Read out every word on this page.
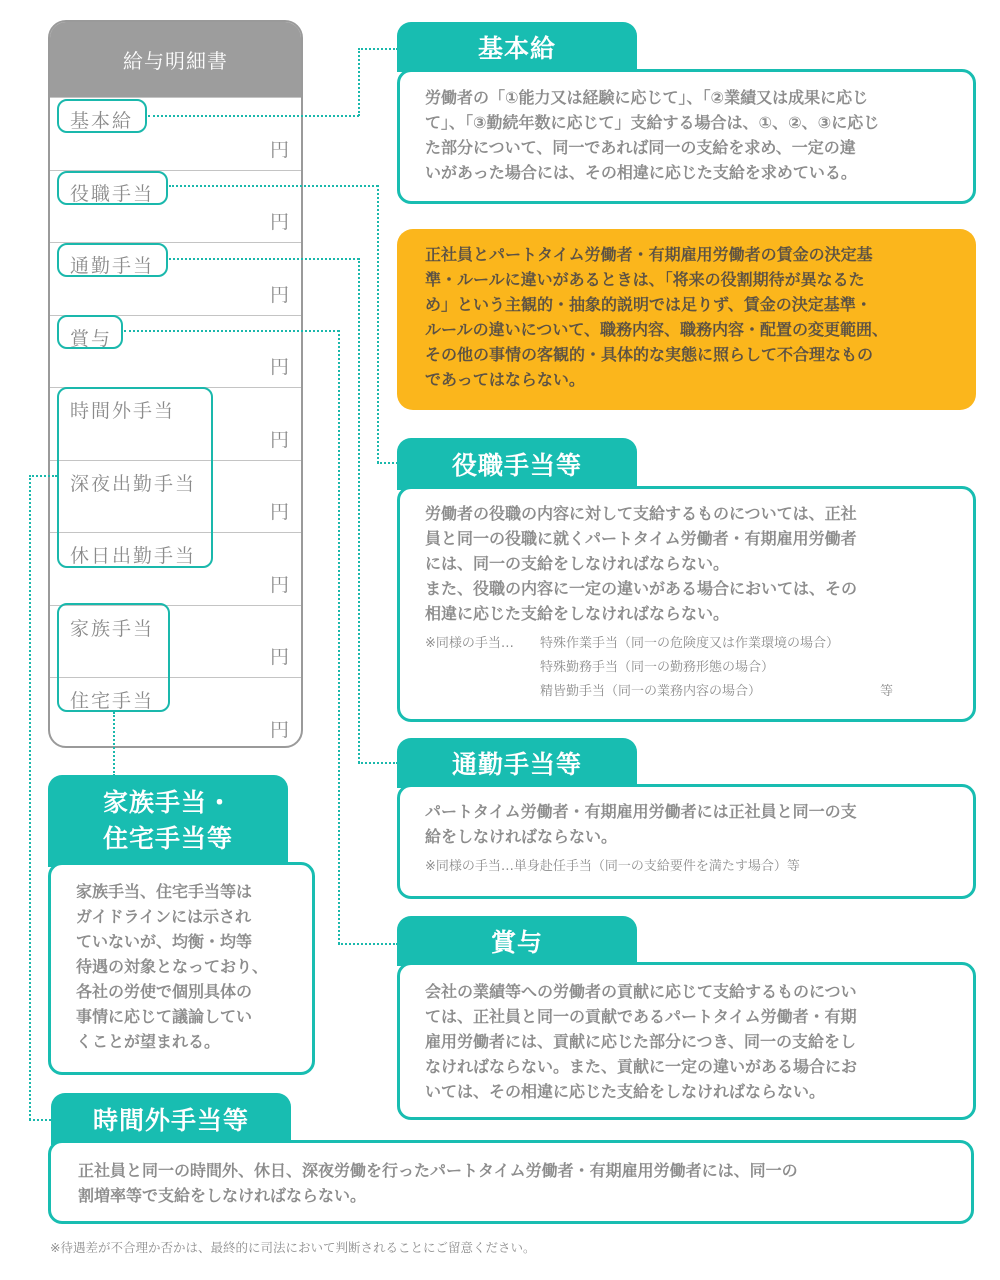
給与明細書
基本給
円
役職手当
円
通勤手当
円
賞与
円
時間外手当
円
深夜出勤手当
円
休日出勤手当
円
家族手当
円
住宅手当
円
基本給

労働者の「①能力又は経験に応じて」、「②業績又は成果に応じ

て」、「③勤続年数に応じて」支給する場合は、①、②、③に応じ

た部分について、同一であれば同一の支給を求め、一定の違

いがあった場合には、その相違に応じた支給を求めている。

正社員とパートタイム労働者・有期雇用労働者の賃金の決定基

準・ルールに違いがあるときは、「将来の役割期待が異なるた

め」という主観的・抽象的説明では足りず、賃金の決定基準・

ルールの違いについて、職務内容、職務内容・配置の変更範囲、

その他の事情の客観的・具体的な実態に照らして不合理なもの

であってはならない。

役職手当等

労働者の役職の内容に対して支給するものについては、正社

員と同一の役職に就くパートタイム労働者・有期雇用労働者

には、同一の支給をしなければならない。

また、役職の内容に一定の違いがある場合においては、その

相違に応じた支給をしなければならない。

※同様の手当…	特殊作業手当（同一の危険度又は作業環境の場合）
特殊勤務手当（同一の勤務形態の場合）
精皆勤手当（同一の業務内容の場合）	等
通勤手当等

パートタイム労働者・有期雇用労働者には正社員と同一の支

給をしなければならない。

※同様の手当…単身赴任手当（同一の支給要件を満たす場合）等

賞与

会社の業績等への労働者の貢献に応じて支給するものについ

ては、正社員と同一の貢献であるパートタイム労働者・有期

雇用労働者には、貢献に応じた部分につき、同一の支給をし

なければならない。また、貢献に一定の違いがある場合にお

いては、その相違に応じた支給をしなければならない。

家族手当・
住宅手当等

家族手当、住宅手当等は

ガイドラインには示され

ていないが、均衡・均等

待遇の対象となっており、

各社の労使で個別具体の

事情に応じて議論してい

くことが望まれる。

時間外手当等

正社員と同一の時間外、休日、深夜労働を行ったパートタイム労働者・有期雇用労働者には、同一の

割増率等で支給をしなければならない。

※待遇差が不合理か否かは、最終的に司法において判断されることにご留意ください。
